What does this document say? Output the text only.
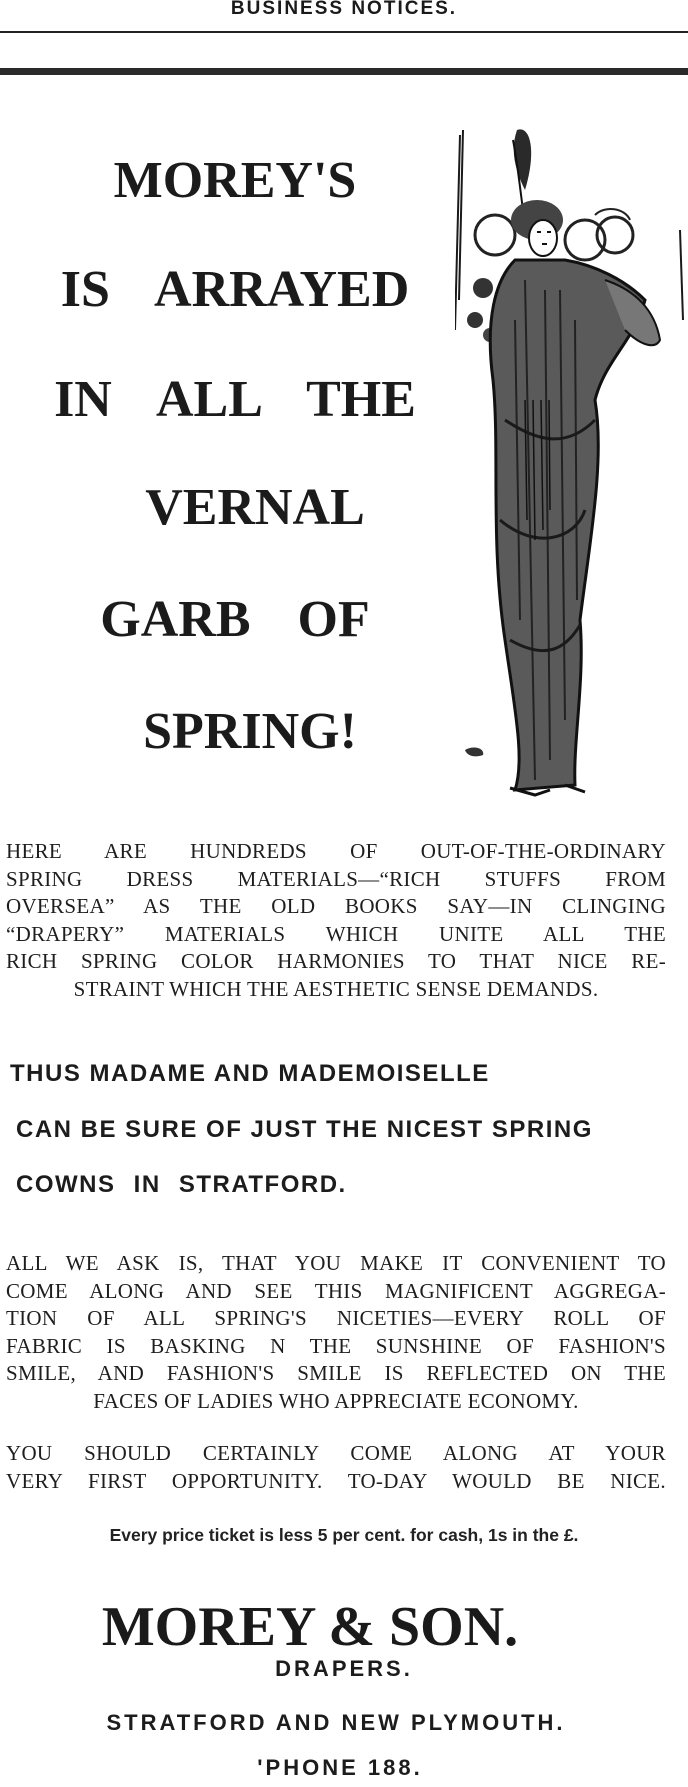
BUSINESS NOTICES.
MOREY'S
IS ARRAYED
IN ALL THE
VERNAL
GARB OF
SPRING!
HERE ARE HUNDREDS OF OUT-OF-THE-ORDINARY
SPRING DRESS MATERIALS—“RICH STUFFS FROM
OVERSEA” AS THE OLD BOOKS SAY—IN CLINGING
“DRAPERY” MATERIALS WHICH UNITE ALL THE
RICH SPRING COLOR HARMONIES TO THAT NICE RE-
STRAINT WHICH THE AESTHETIC SENSE DEMANDS.
THUS MADAME AND MADEMOISELLE
CAN BE SURE OF JUST THE NICEST SPRING
COWNS IN STRATFORD.
ALL WE ASK IS, THAT YOU MAKE IT CONVENIENT TO
COME ALONG AND SEE THIS MAGNIFICENT AGGREGA-
TION OF ALL SPRING'S NICETIES—EVERY ROLL OF
FABRIC IS BASKING N THE SUNSHINE OF FASHION'S
SMILE, AND FASHION'S SMILE IS REFLECTED ON THE
FACES OF LADIES WHO APPRECIATE ECONOMY.
YOU SHOULD CERTAINLY COME ALONG AT YOUR
VERY FIRST OPPORTUNITY. TO-DAY WOULD BE NICE.
Every price ticket is less 5 per cent. for cash, 1s in the £.
MOREY & SON.
DRAPERS.
STRATFORD AND NEW PLYMOUTH.
'PHONE 188.
